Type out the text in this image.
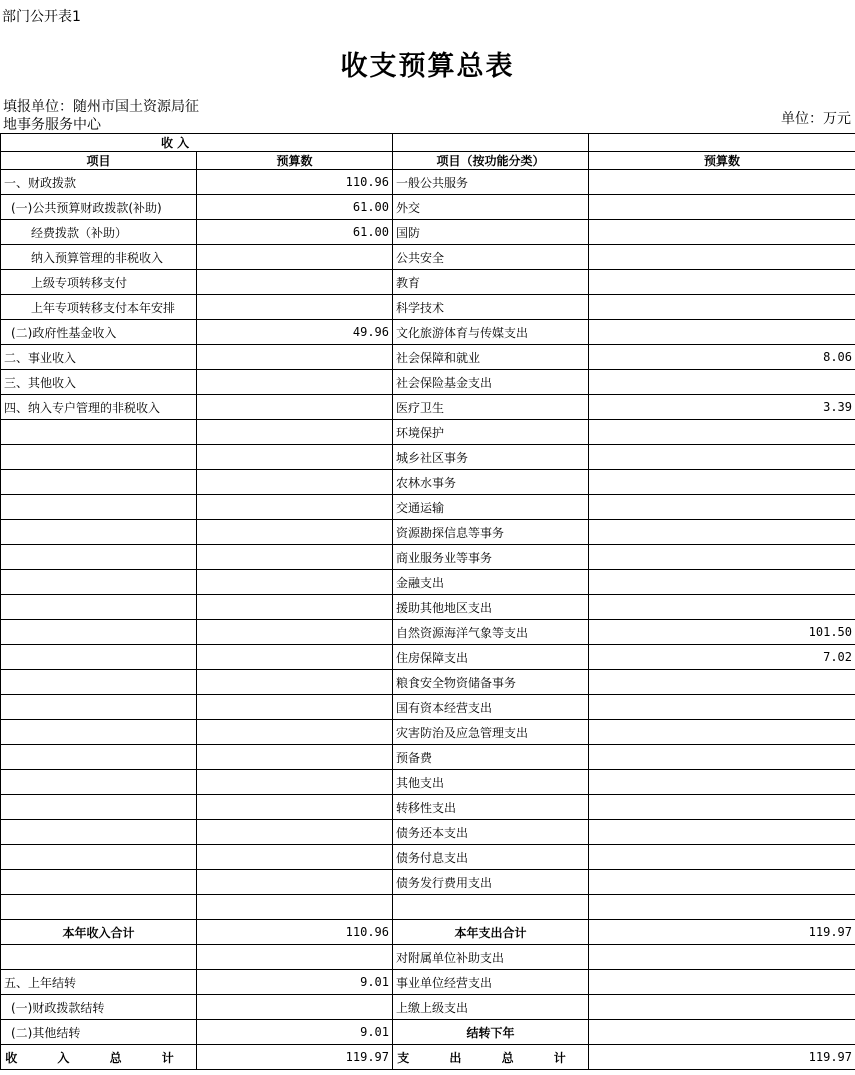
部门公开表1
收支预算总表
填报单位：随州市国土资源局征地事务服务中心	单位：万元
收 入			
项目	预算数	项目（按功能分类）	预算数
一、财政拨款	110.96	一般公共服务	
(一)公共预算财政拨款(补助)	61.00	外交	
经费拨款（补助）	61.00	国防	
纳入预算管理的非税收入		公共安全	
上级专项转移支付		教育	
上年专项转移支付本年安排		科学技术	
(二)政府性基金收入	49.96	文化旅游体育与传媒支出	
二、事业收入		社会保障和就业	8.06
三、其他收入		社会保险基金支出	
四、纳入专户管理的非税收入		医疗卫生	3.39
		环境保护	
		城乡社区事务	
		农林水事务	
		交通运输	
		资源勘探信息等事务	
		商业服务业等事务	
		金融支出	
		援助其他地区支出	
		自然资源海洋气象等支出	101.50
		住房保障支出	7.02
		粮食安全物资储备事务	
		国有资本经营支出	
		灾害防治及应急管理支出	
		预备费	
		其他支出	
		转移性支出	
		债务还本支出	
		债务付息支出	
		债务发行费用支出	

本年收入合计	110.96	本年支出合计	119.97
		对附属单位补助支出	
五、上年结转	9.01	事业单位经营支出	
(一)财政拨款结转		上缴上级支出	
(二)其他结转	9.01	结转下年	
收 入 总 计	119.97	支 出 总 计	119.97
